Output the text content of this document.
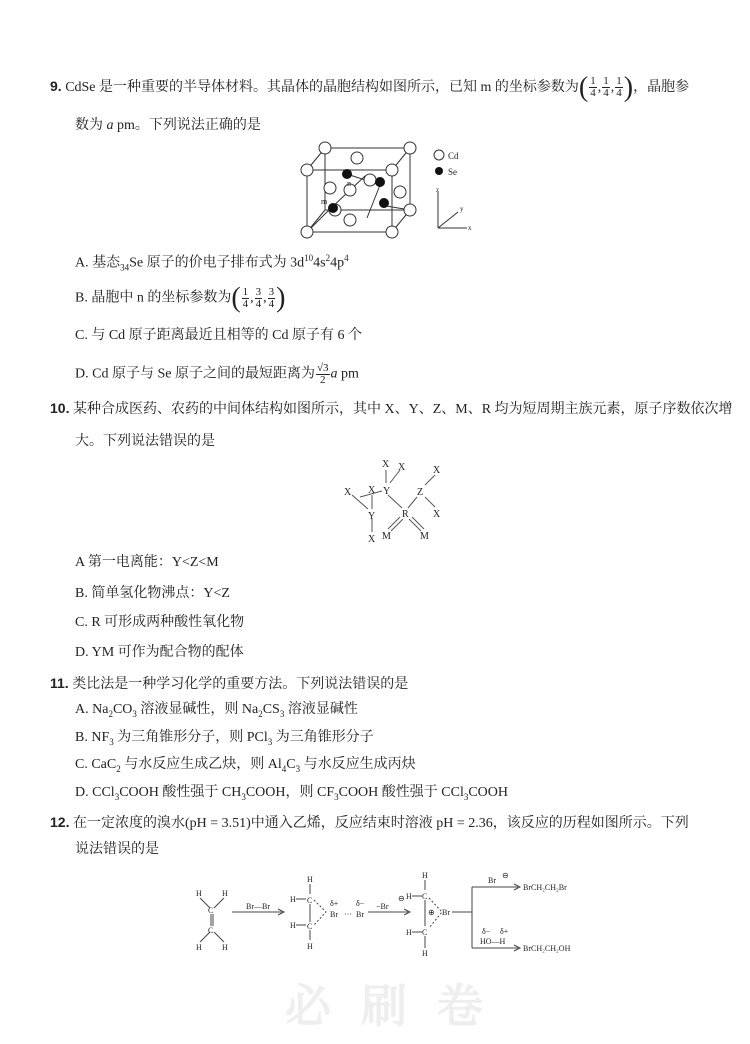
必刷卷
9. CdSe 是一种重要的半导体材料。其晶体的晶胞结构如图所示，已知 m 的坐标参数为( $\frac{1}{4}$ , $\frac{1}{4}$ , $\frac{1}{4}$ )，晶胞参
数为 a pm。下列说法正确的是
n
m
Cd
Se
z
y
x
A. 基态$_{34}$Se 原子的价电子排布式为 $3d^{10}4s^24p^4$
B. 晶胞中 n 的坐标参数为( $\frac{1}{4}$ , $\frac{3}{4}$ , $\frac{3}{4}$ )
C. 与 Cd 原子距离最近且相等的 Cd 原子有 6 个
D. Cd 原子与 Se 原子之间的最短距离为 $\frac{√3}{2}$ a pm
10. 某种合成医药、农药的中间体结构如图所示，其中 X、Y、Z、M、R 均为短周期主族元素，原子序数依次增
大。下列说法错误的是
X X
Y
X X
Y
X
R
Z
X
X
M	M
A 第一电离能：Y<Z<M
B. 简单氢化物沸点：Y<Z
C. R 可形成两种酸性氧化物
D. YM 可作为配合物的配体
11. 类比法是一种学习化学的重要方法。下列说法错误的是
A. $Na_2CO_3$ 溶液显碱性，则 $Na_2CS_3$ 溶液显碱性
B. $NF_3$ 为三角锥形分子，则 PCl$_3$ 为三角锥形分子
C. CaC$_2$ 与水反应生成乙炔，则 $Al_4C_3$ 与水反应生成丙炔
D. CCl$_3$COOH 酸性强于 $CH_3COOH$，则 $CF_3COOH$ 酸性强于 CCl$_3$COOH
12. 在一定浓度的溴水(pH = 3.51)中通入乙烯，反应结束时溶液 pH = 2.36，该反应的历程如图所示。下列
说法错误的是
H	H
C
C
H	H
Br—Br
H
H C
H C
H
δ+ δ−
Br ··· Br
−Br
⊖
H
H C
⊕ Br
H C
H
Br
⊖
BrCH₂CH₂Br
δ− δ+
HO—H
BrCH₂CH₂OH
